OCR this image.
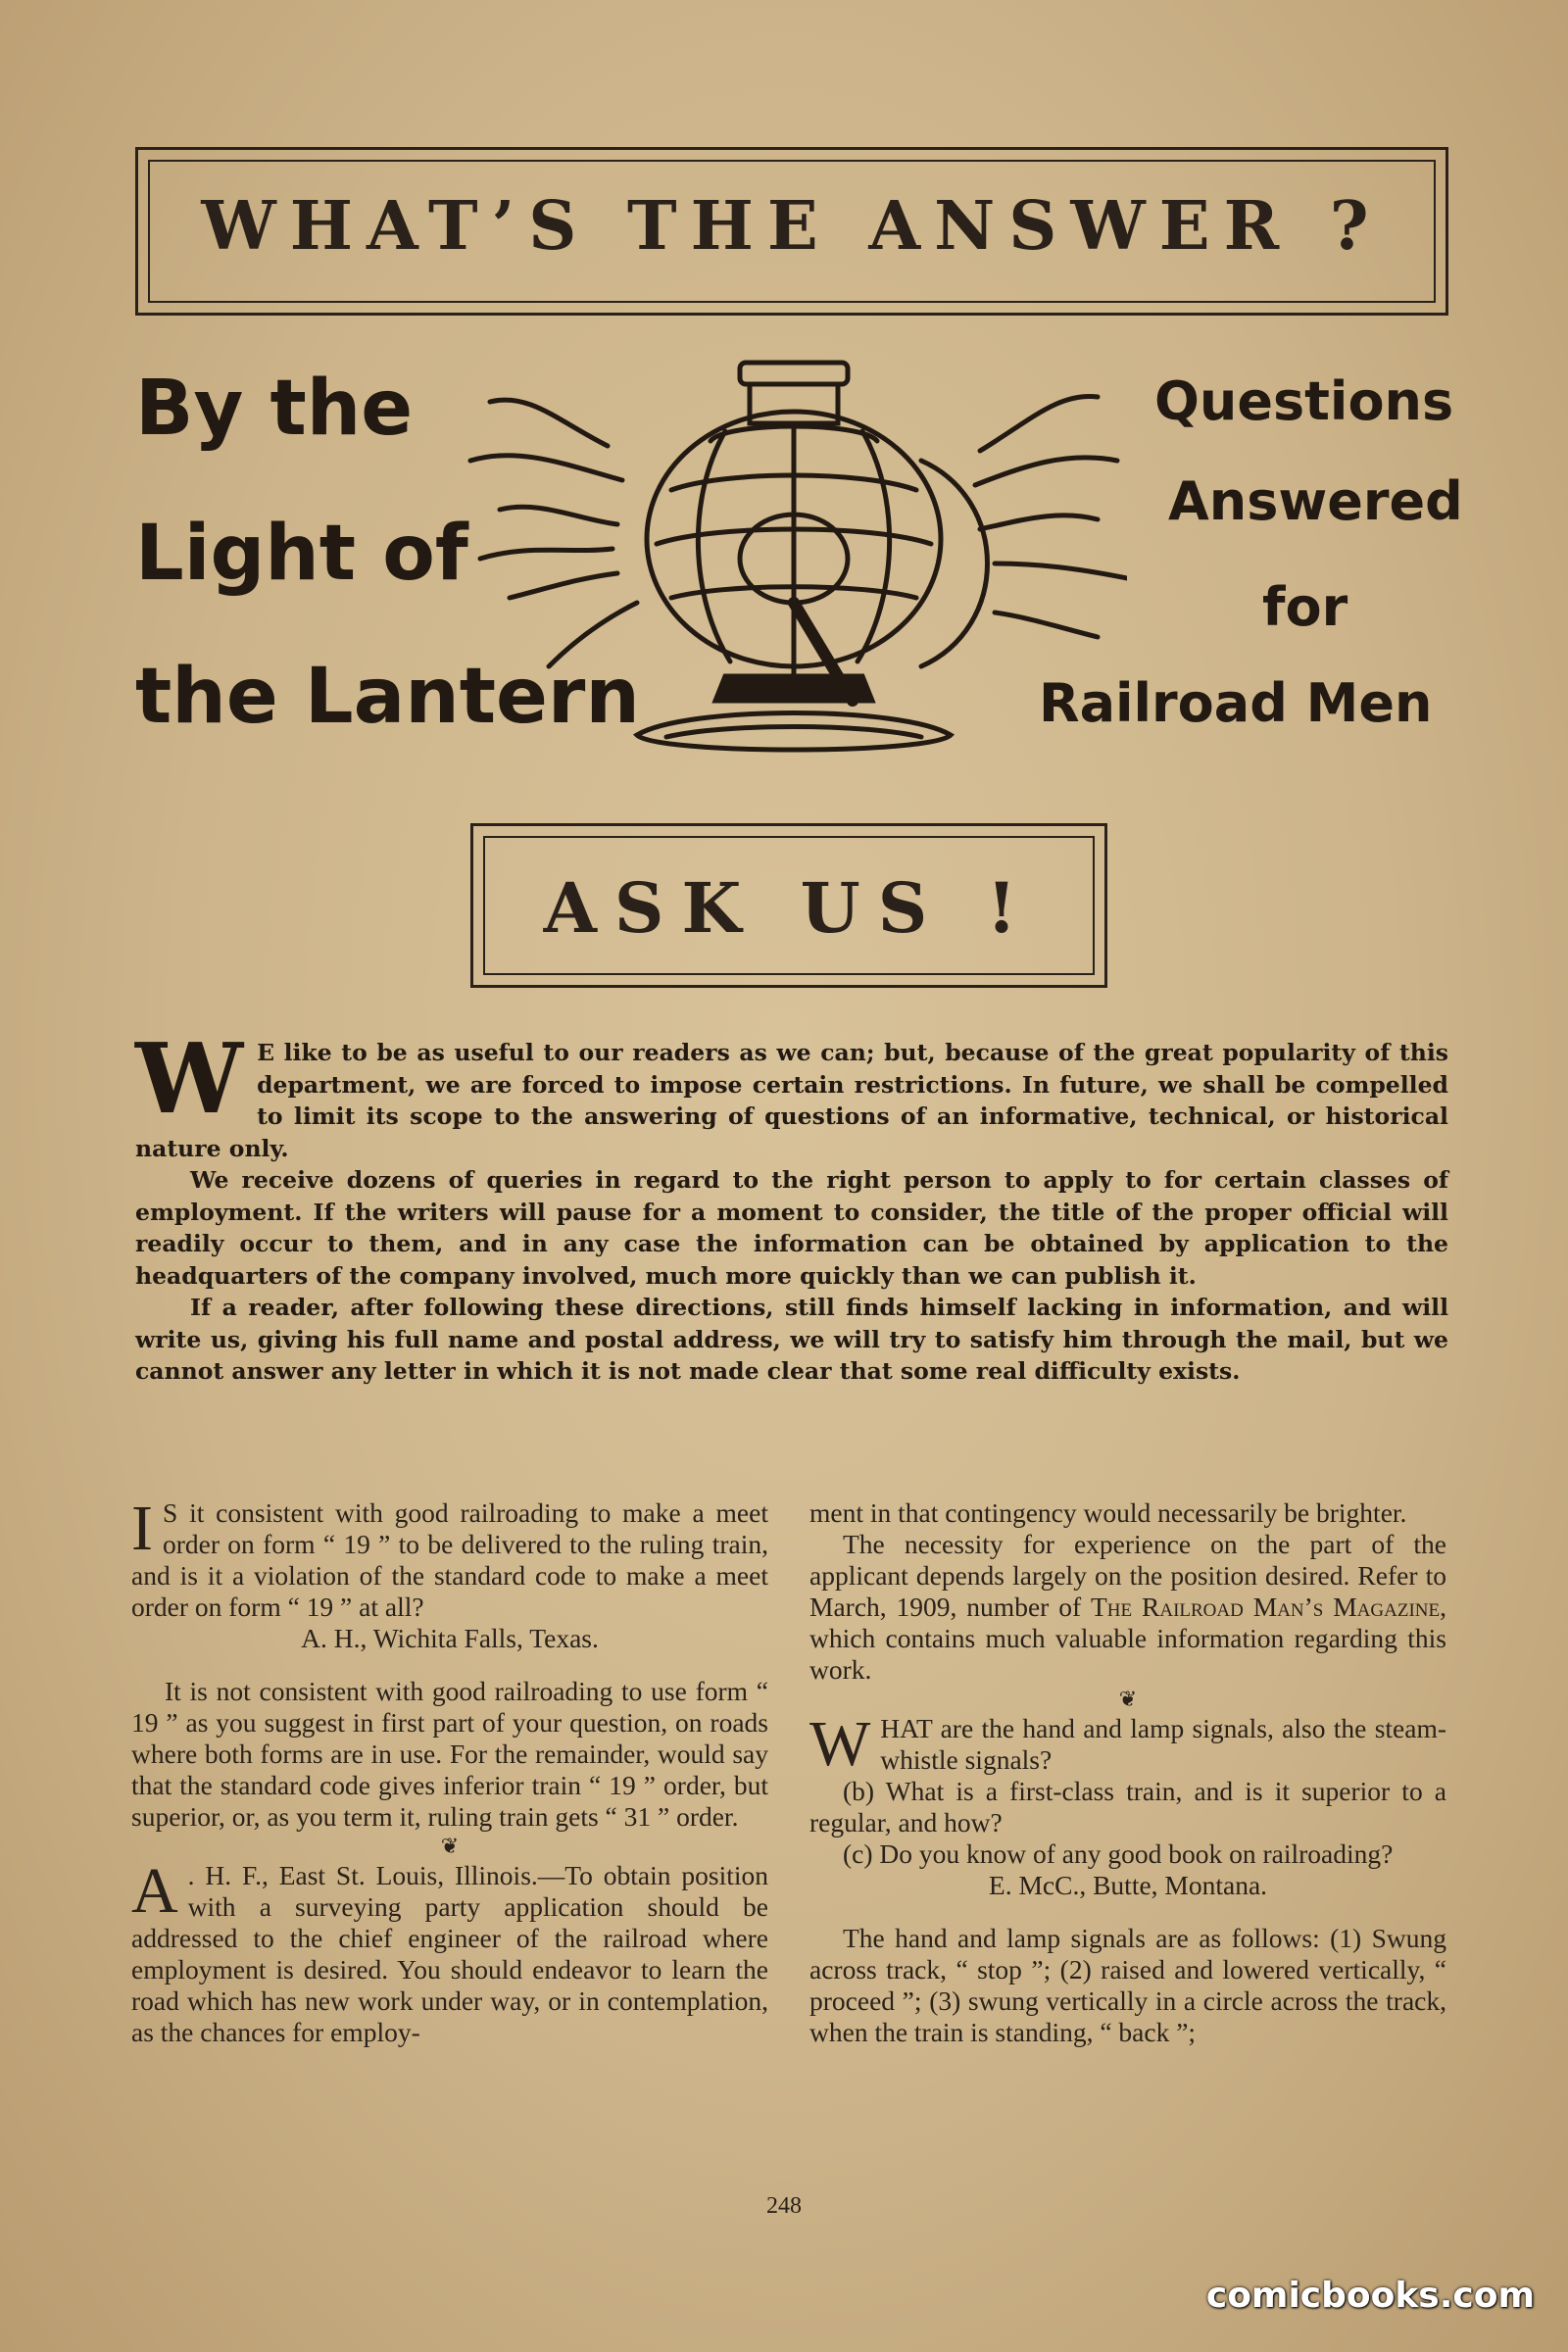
WHAT’S THE ANSWER ?
By the
Light of
the Lantern
Questions
Answered
for
Railroad Men
ASK US !

W E like to be as useful to our readers as we can; but, because of the great popularity of this department, we are forced to impose certain restrictions. In future, we shall be compelled to limit its scope to the answering of questions of an informative, technical, or historical nature only.

We receive dozens of queries in regard to the right person to apply to for certain classes of employment. If the writers will pause for a moment to consider, the title of the proper official will readily occur to them, and in any case the information can be obtained by application to the headquarters of the company involved, much more quickly than we can publish it.

If a reader, after following these directions, still finds himself lacking in information, and will write us, giving his full name and postal address, we will try to satisfy him through the mail, but we cannot answer any letter in which it is not made clear that some real difficulty exists.

I S it consistent with good railroading to make a meet order on form “ 19 ” to be delivered to the ruling train, and is it a violation of the standard code to make a meet order on form “ 19 ” at all?

A. H., Wichita Falls, Texas.

It is not consistent with good railroading to use form “ 19 ” as you suggest in first part of your question, on roads where both forms are in use. For the remainder, would say that the standard code gives inferior train “ 19 ” order, but superior, or, as you term it, ruling train gets “ 31 ” order.

❦

A . H. F., East St. Louis, Illinois.—To obtain position with a surveying party application should be addressed to the chief engineer of the railroad where employment is desired. You should endeavor to learn the road which has new work under way, or in contemplation, as the chances for employ-

ment in that contingency would necessarily be brighter.

The necessity for experience on the part of the applicant depends largely on the position desired. Refer to March, 1909, number of The Railroad Man’s Magazine, which contains much valuable information regarding this work.

❦

WHAT are the hand and lamp signals, also the steam-whistle signals?

(b) What is a first-class train, and is it superior to a regular, and how?

(c) Do you know of any good book on railroading?

E. McC., Butte, Montana.

The hand and lamp signals are as follows: (1) Swung across track, “ stop ”; (2) raised and lowered vertically, “ proceed ”; (3) swung vertically in a circle across the track, when the train is standing, “ back ”;

248
comicbooks.com
